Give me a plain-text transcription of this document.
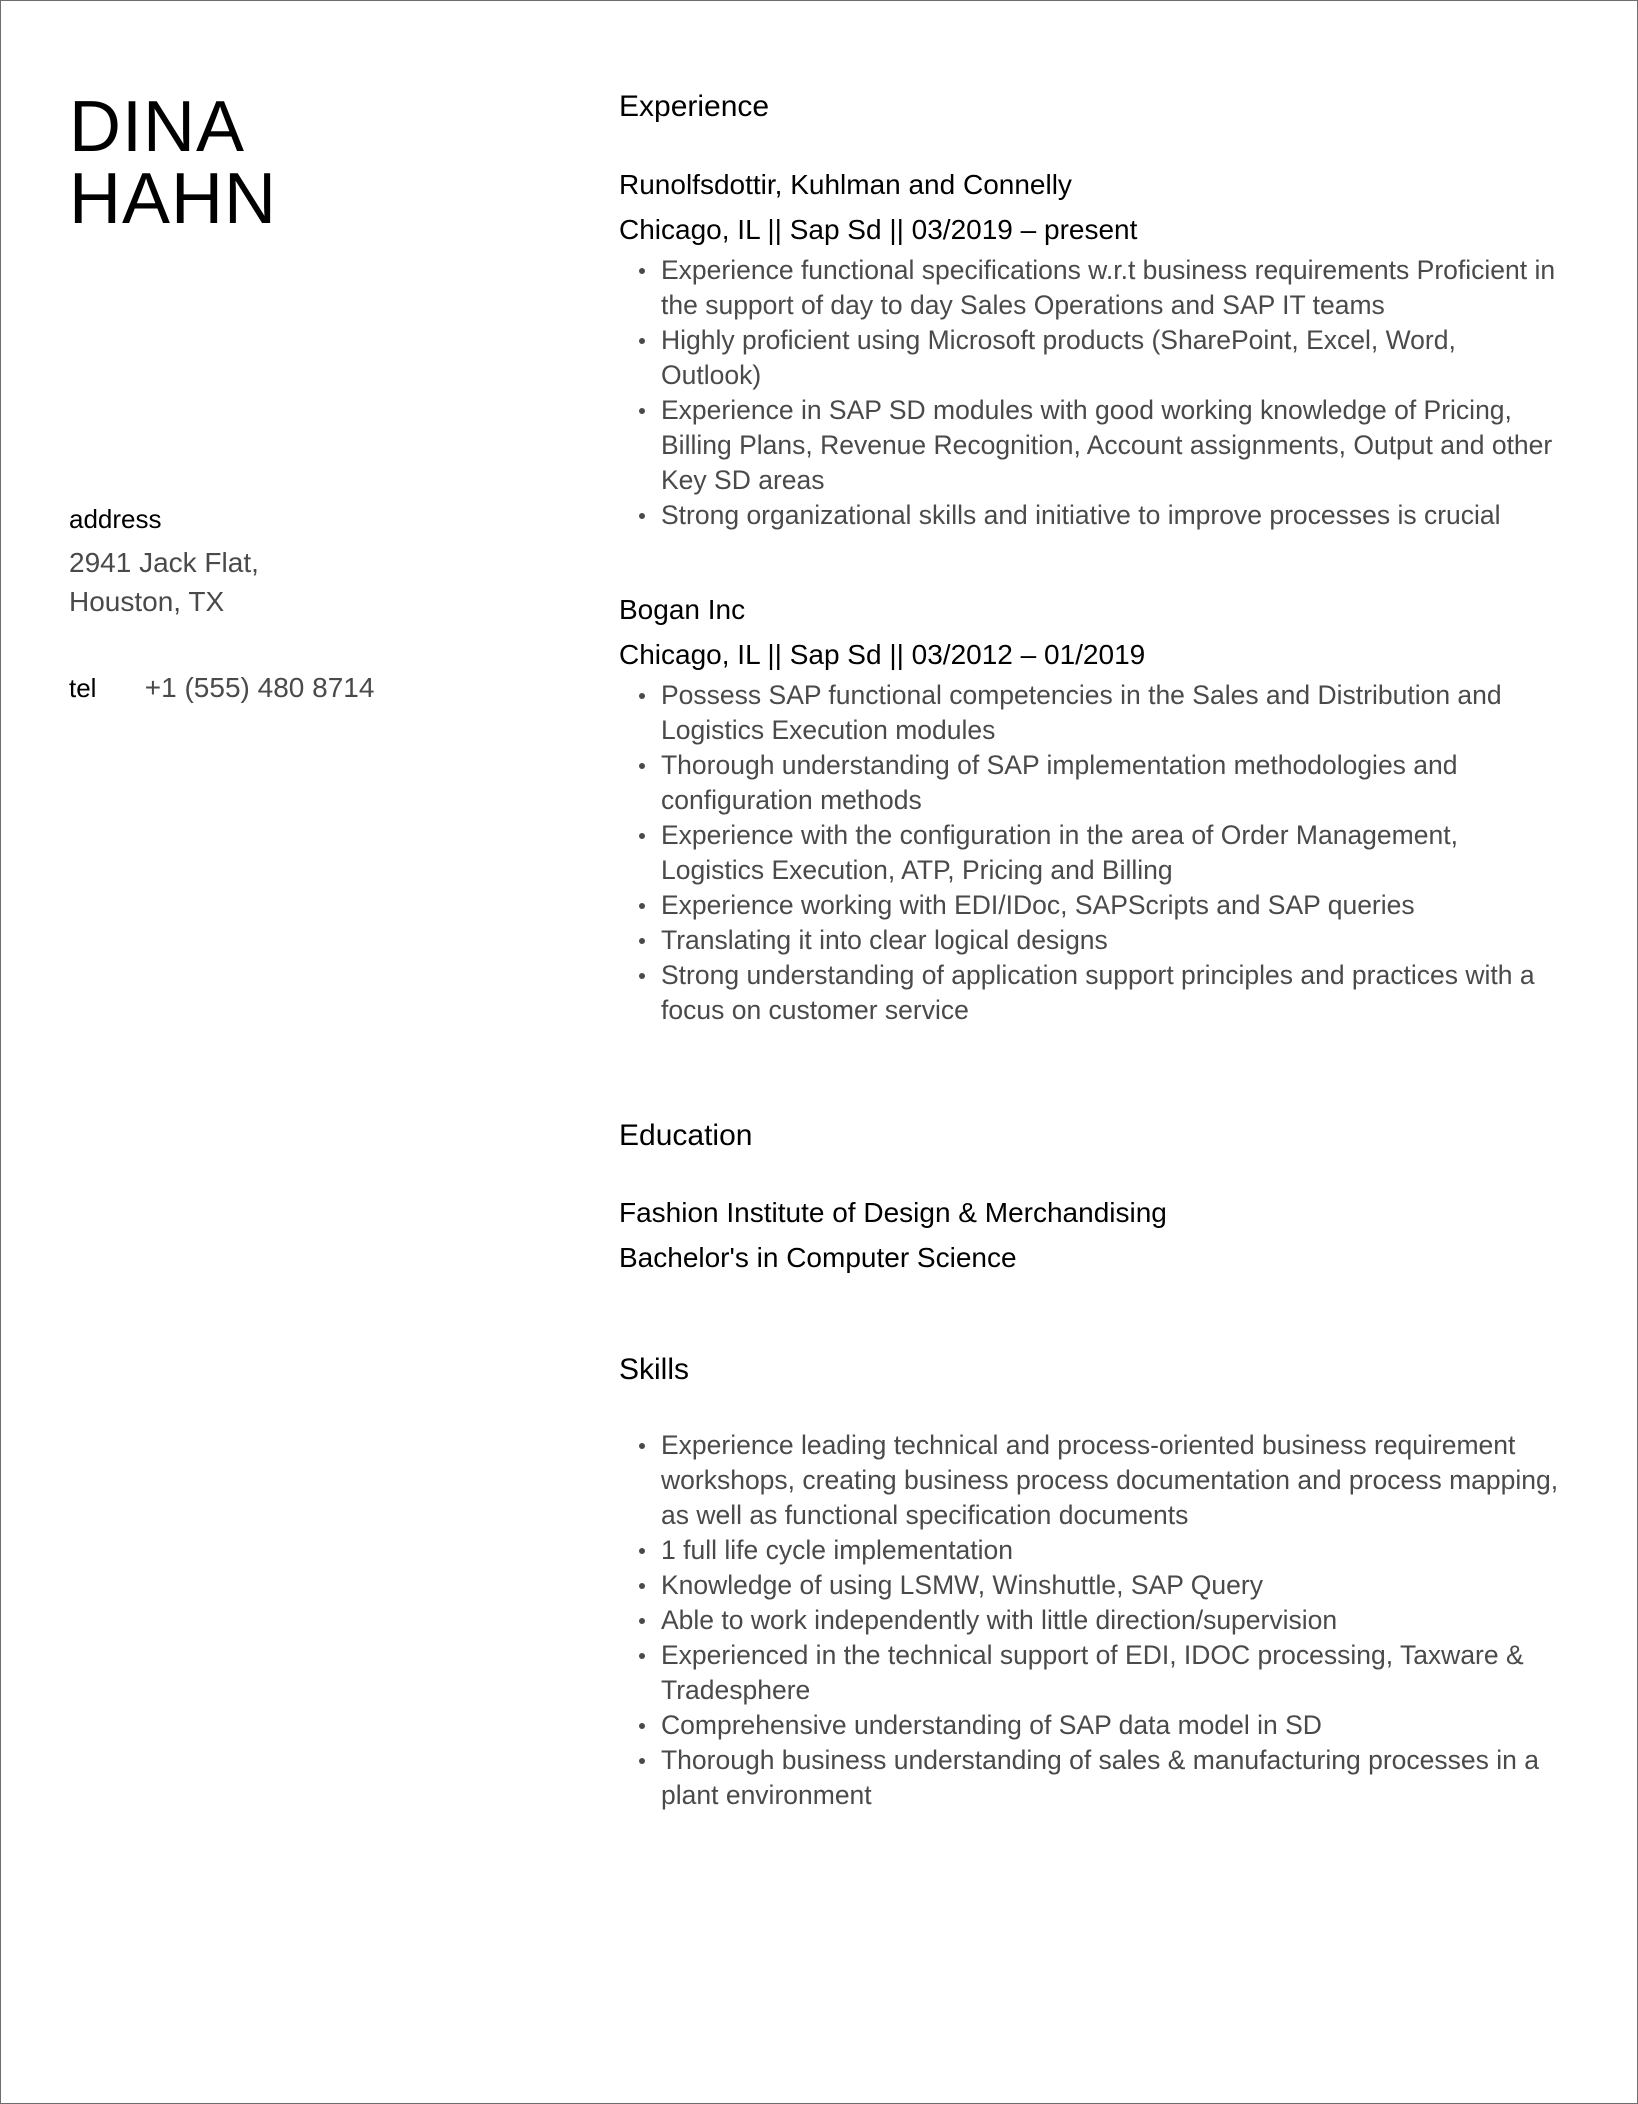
DINA
HAHN
address
2941 Jack Flat,
Houston, TX
tel +1 (555) 480 8714
Experience
Runolfsdottir, Kuhlman and Connelly
Chicago, IL || Sap Sd || 03/2019 – present
Experience functional specifications w.r.t business requirements Proficient in the support of day to day Sales Operations and SAP IT teams
Highly proficient using Microsoft products (SharePoint, Excel, Word, Outlook)
Experience in SAP SD modules with good working knowledge of Pricing, Billing Plans, Revenue Recognition, Account assignments, Output and other Key SD areas
Strong organizational skills and initiative to improve processes is crucial
Bogan Inc
Chicago, IL || Sap Sd || 03/2012 – 01/2019
Possess SAP functional competencies in the Sales and Distribution and Logistics Execution modules
Thorough understanding of SAP implementation methodologies and configuration methods
Experience with the configuration in the area of Order Management, Logistics Execution, ATP, Pricing and Billing
Experience working with EDI/IDoc, SAPScripts and SAP queries
Translating it into clear logical designs
Strong understanding of application support principles and practices with a focus on customer service
Education
Fashion Institute of Design & Merchandising
Bachelor's in Computer Science
Skills
Experience leading technical and process-oriented business requirement workshops, creating business process documentation and process mapping, as well as functional specification documents
1 full life cycle implementation
Knowledge of using LSMW, Winshuttle, SAP Query
Able to work independently with little direction/supervision
Experienced in the technical support of EDI, IDOC processing, Taxware & Tradesphere
Comprehensive understanding of SAP data model in SD
Thorough business understanding of sales & manufacturing processes in a plant environment
